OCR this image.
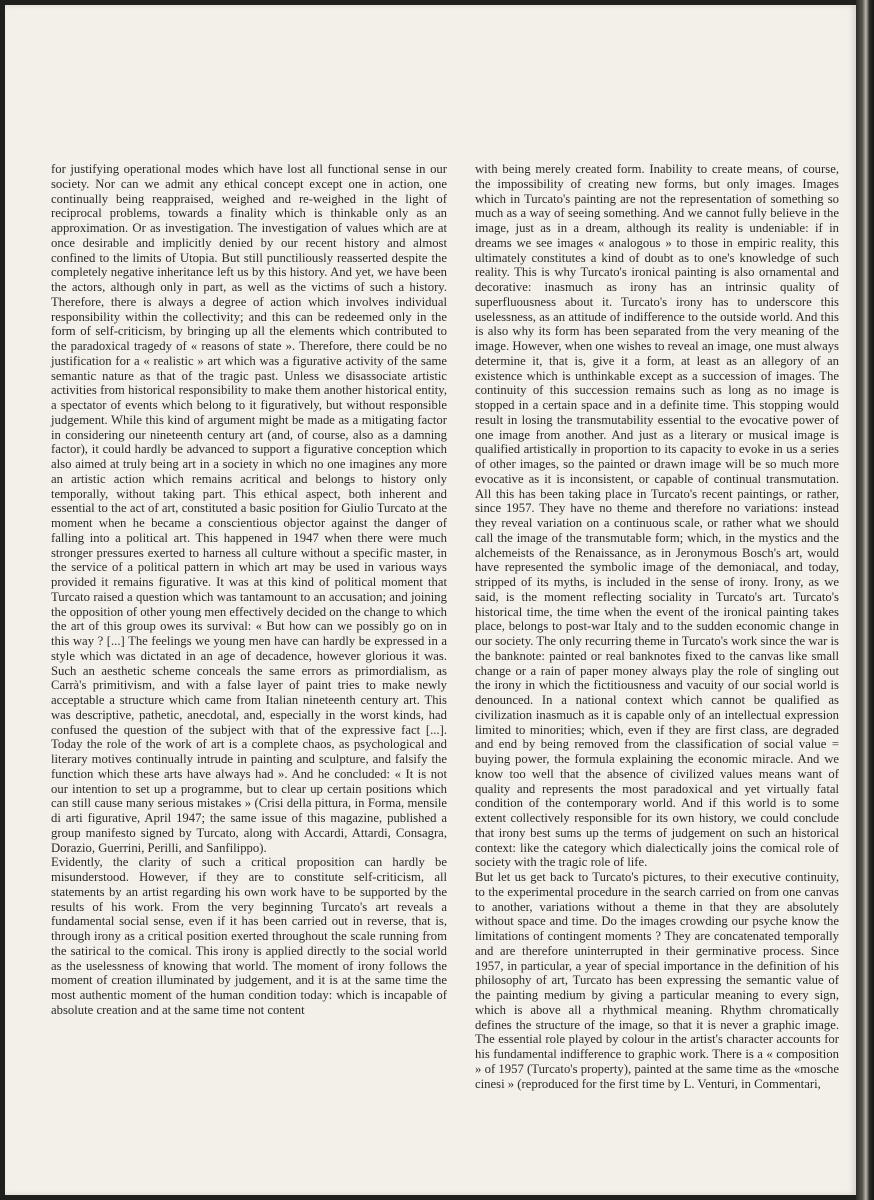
for justifying operational modes which have lost all functional sense in our society. Nor can we admit any ethical concept except one in action, one continually being reappraised, weighed and re-weighed in the light of reciprocal problems, towards a finality which is thinkable only as an approximation. Or as investigation. The investigation of values which are at once desirable and implicitly denied by our recent history and almost confined to the limits of Utopia. But still punctiliously reasserted despite the completely negative inheritance left us by this history. And yet, we have been the actors, although only in part, as well as the victims of such a history. Therefore, there is always a degree of action which involves individual responsibility within the collectivity; and this can be redeemed only in the form of self-criticism, by bringing up all the elements which contributed to the paradoxical tragedy of « reasons of state ». Therefore, there could be no justification for a « realistic » art which was a figurative activity of the same semantic nature as that of the tragic past. Unless we disassociate artistic activities from historical responsibility to make them another historical entity, a spectator of events which belong to it figuratively, but without responsible judgement. While this kind of argument might be made as a mitigating factor in considering our nineteenth century art (and, of course, also as a damning factor), it could hardly be advanced to support a figurative conception which also aimed at truly being art in a society in which no one imagines any more an artistic action which remains acritical and belongs to history only temporally, without taking part. This ethical aspect, both inherent and essential to the act of art, constituted a basic position for Giulio Turcato at the moment when he became a conscientious objector against the danger of falling into a political art. This happened in 1947 when there were much stronger pressures exerted to harness all culture without a specific master, in the service of a political pattern in which art may be used in various ways provided it remains figurative. It was at this kind of political moment that Turcato raised a question which was tantamount to an accusation; and joining the opposition of other young men effectively decided on the change to which the art of this group owes its survival: « But how can we possibly go on in this way ? [...] The feelings we young men have can hardly be expressed in a style which was dictated in an age of decadence, however glorious it was. Such an aesthetic scheme conceals the same errors as primordialism, as Carrà's primitivism, and with a false layer of paint tries to make newly acceptable a structure which came from Italian nineteenth century art. This was descriptive, pathetic, anecdotal, and, especially in the worst kinds, had confused the question of the subject with that of the expressive fact [...]. Today the role of the work of art is a complete chaos, as psychological and literary motives continually intrude in painting and sculpture, and falsify the function which these arts have always had ». And he concluded: « It is not our intention to set up a programme, but to clear up certain positions which can still cause many serious mistakes » (Crisi della pittura, in Forma, mensile di arti figurative, April 1947; the same issue of this magazine, published a group manifesto signed by Turcato, along with Accardi, Attardi, Consagra, Dorazio, Guerrini, Perilli, and Sanfilippo).

Evidently, the clarity of such a critical proposition can hardly be misunderstood. However, if they are to constitute self-criticism, all statements by an artist regarding his own work have to be supported by the results of his work. From the very beginning Turcato's art reveals a fundamental social sense, even if it has been carried out in reverse, that is, through irony as a critical position exerted throughout the scale running from the satirical to the comical. This irony is applied directly to the social world as the uselessness of knowing that world. The moment of irony follows the moment of creation illuminated by judgement, and it is at the same time the most authentic moment of the human condition today: which is incapable of absolute creation and at the same time not content

with being merely created form. Inability to create means, of course, the impossibility of creating new forms, but only images. Images which in Turcato's painting are not the representation of something so much as a way of seeing something. And we cannot fully believe in the image, just as in a dream, although its reality is undeniable: if in dreams we see images « analogous » to those in empiric reality, this ultimately constitutes a kind of doubt as to one's knowledge of such reality. This is why Turcato's ironical painting is also ornamental and decorative: inasmuch as irony has an intrinsic quality of superfluousness about it. Turcato's irony has to underscore this uselessness, as an attitude of indifference to the outside world. And this is also why its form has been separated from the very meaning of the image. However, when one wishes to reveal an image, one must always determine it, that is, give it a form, at least as an allegory of an existence which is unthinkable except as a succession of images. The continuity of this succession remains such as long as no image is stopped in a certain space and in a definite time. This stopping would result in losing the transmutability essential to the evocative power of one image from another. And just as a literary or musical image is qualified artistically in proportion to its capacity to evoke in us a series of other images, so the painted or drawn image will be so much more evocative as it is inconsistent, or capable of continual transmutation. All this has been taking place in Turcato's recent paintings, or rather, since 1957. They have no theme and therefore no variations: instead they reveal variation on a continuous scale, or rather what we should call the image of the transmutable form; which, in the mystics and the alchemeists of the Renaissance, as in Jeronymous Bosch's art, would have represented the symbolic image of the demoniacal, and today, stripped of its myths, is included in the sense of irony. Irony, as we said, is the moment reflecting sociality in Turcato's art. Turcato's historical time, the time when the event of the ironical painting takes place, belongs to post-war Italy and to the sudden economic change in our society. The only recurring theme in Turcato's work since the war is the banknote: painted or real banknotes fixed to the canvas like small change or a rain of paper money always play the role of singling out the irony in which the fictitiousness and vacuity of our social world is denounced. In a national context which cannot be qualified as civilization inasmuch as it is capable only of an intellectual expression limited to minorities; which, even if they are first class, are degraded and end by being removed from the classification of social value = buying power, the formula explaining the economic miracle. And we know too well that the absence of civilized values means want of quality and represents the most paradoxical and yet virtually fatal condition of the contemporary world. And if this world is to some extent collectively responsible for its own history, we could conclude that irony best sums up the terms of judgement on such an historical context: like the category which dialectically joins the comical role of society with the tragic role of life.

But let us get back to Turcato's pictures, to their executive continuity, to the experimental procedure in the search carried on from one canvas to another, variations without a theme in that they are absolutely without space and time. Do the images crowding our psyche know the limitations of contingent moments ? They are concatenated temporally and are therefore uninterrupted in their germinative process. Since 1957, in particular, a year of special importance in the definition of his philosophy of art, Turcato has been expressing the semantic value of the painting medium by giving a particular meaning to every sign, which is above all a rhythmical meaning. Rhythm chromatically defines the structure of the image, so that it is never a graphic image. The essential role played by colour in the artist's character accounts for his fundamental indifference to graphic work. There is a « composition » of 1957 (Turcato's property), painted at the same time as the «mosche cinesi » (reproduced for the first time by L. Venturi, in Commentari,
